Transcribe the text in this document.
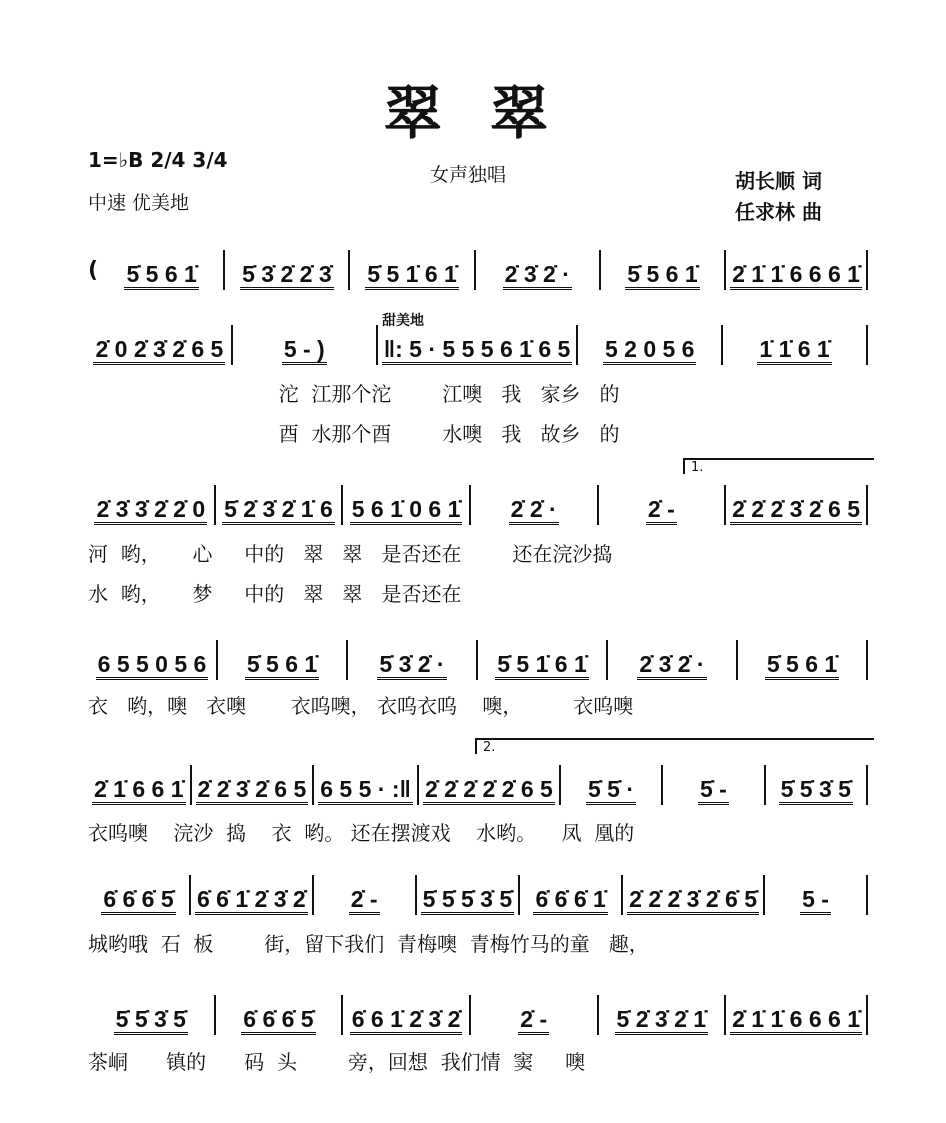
翠 翠
1=♭B 2/4 3/4
中速 优美地
女声独唱	胡长顺 词
任求林 曲
甜美地
1.
2.
( 5̇ 5 6 1̇ 5̇ 3̇ 2̇ 2̇ 3̇ 5̇ 5 1̇ 6 1̇ 2̇ 3̇ 2̇ · 5̇ 5 6 1̇ 2̇ 1̇ 1̇ 6 6 6 1̇
2̇ 0 2̇ 3̇ 2̇ 6 5	5 - )	‖: 5 · 5 5 5 6 1̇ 6 5 5 2 0 5 6	1̇ 1̇ 6 1̇
沱  江那个沱        江噢   我   家乡   的
酉  水那个酉        水噢   我   故乡   的
2̇ 3̇ 3̇ 2̇ 2̇ 0 5̇ 2̇ 3̇ 2̇ 1̇ 6 5 6 1̇ 0 6 1̇ 2̇ 2̇ ·	2̇ - 2̇ 2̇ 2̇ 3̇ 2̇ 6 5
河  哟，     心     中的   翠   翠   是否还在        还在浣沙捣
水  哟，     梦     中的   翠   翠   是否还在
6 5 5 0 5 6 5̇ 5 6 1̇	5̇ 3̇ 2̇ · 5̇ 5 1̇ 6 1̇ 2̇ 3̇ 2̇ ·	5̇ 5 6 1̇
衣   哟，噢   衣噢       衣呜噢， 衣呜衣呜    噢，        衣呜噢
2̇ 1̇ 6 6 1̇ 2̇ 2̇ 3̇ 2̇ 6 5 6 5 5 · :‖ 2̇ 2̇ 2̇ 2̇ 2̇ 6 5 5̇ 5̇ ·	5̇ - 5̇ 5̇ 3̇ 5̇
衣呜噢    浣沙  捣    衣  哟。 还在摆渡戏    水哟。    凤  凰的
6̇ 6̇ 6̇ 5̇ 6̇ 6̇ 1̇ 2̇ 3̇ 2̇ 2̇ - 5̇ 5̇ 5̇ 3̇ 5̇ 6̇ 6̇ 6̇ 1̇ 2̇ 2̇ 2̇ 3̇ 2̇ 6̇ 5̇ 5 -
城哟哦  石  板        街，留下我们  青梅噢  青梅竹马的童   趣，
5̇ 5̇ 3̇ 5̇ 6̇ 6̇ 6̇ 5̇ 6̇ 6 1̇ 2̇ 3̇ 2̇	2̇ -	5̇ 2̇ 3̇ 2̇ 1̇ 2̇ 1̇ 1̇ 6 6 6 1̇
茶峒      镇的      码  头        旁，回想  我们情  窦     噢
